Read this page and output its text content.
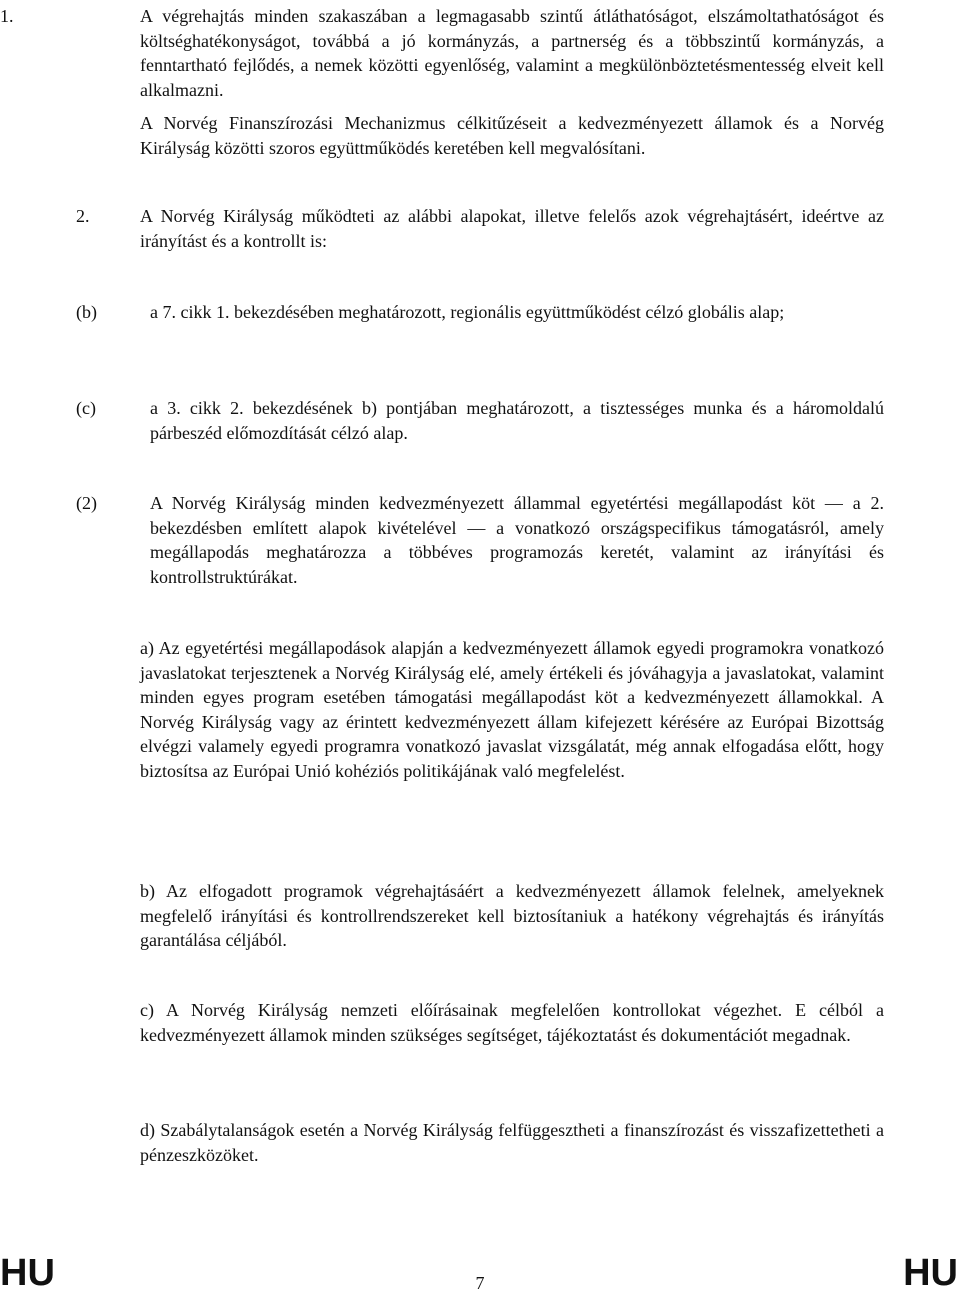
1.	A végrehajtás minden szakaszában a legmagasabb szintű átláthatóságot, elszámoltathatóságot és költséghatékonyságot, továbbá a jó kormányzás, a partnerség és a többszintű kormányzás, a fenntartható fejlődés, a nemek közötti egyenlőség, valamint a megkülönböztetésmentesség elveit kell alkalmazni.
A Norvég Finanszírozási Mechanizmus célkitűzéseit a kedvezményezett államok és a Norvég Királyság közötti szoros együttműködés keretében kell megvalósítani.
2.	A Norvég Királyság működteti az alábbi alapokat, illetve felelős azok végrehajtásért, ideértve az irányítást és a kontrollt is:
(b)	a 7. cikk 1. bekezdésében meghatározott, regionális együttműködést célzó globális alap;
(c)	a 3. cikk 2. bekezdésének b) pontjában meghatározott, a tisztességes munka és a háromoldalú párbeszéd előmozdítását célzó alap.
(2)	A Norvég Királyság minden kedvezményezett állammal egyetértési megállapodást köt — a 2. bekezdésben említett alapok kivételével — a vonatkozó országspecifikus támogatásról, amely megállapodás meghatározza a többéves programozás keretét, valamint az irányítási és kontrollstruktúrákat.
a) Az egyetértési megállapodások alapján a kedvezményezett államok egyedi programokra vonatkozó javaslatokat terjesztenek a Norvég Királyság elé, amely értékeli és jóváhagyja a javaslatokat, valamint minden egyes program esetében támogatási megállapodást köt a kedvezményezett államokkal. A Norvég Királyság vagy az érintett kedvezményezett állam kifejezett kérésére az Európai Bizottság elvégzi valamely egyedi programra vonatkozó javaslat vizsgálatát, még annak elfogadása előtt, hogy biztosítsa az Európai Unió kohéziós politikájának való megfelelést.
b) Az elfogadott programok végrehajtásáért a kedvezményezett államok felelnek, amelyeknek megfelelő irányítási és kontrollrendszereket kell biztosítaniuk a hatékony végrehajtás és irányítás garantálása céljából.
c) A Norvég Királyság nemzeti előírásainak megfelelően kontrollokat végezhet. E célból a kedvezményezett államok minden szükséges segítséget, tájékoztatást és dokumentációt megadnak.
d) Szabálytalanságok esetén a Norvég Királyság felfüggesztheti a finanszírozást és visszafizettetheti a pénzeszközöket.
HU	7	HU
